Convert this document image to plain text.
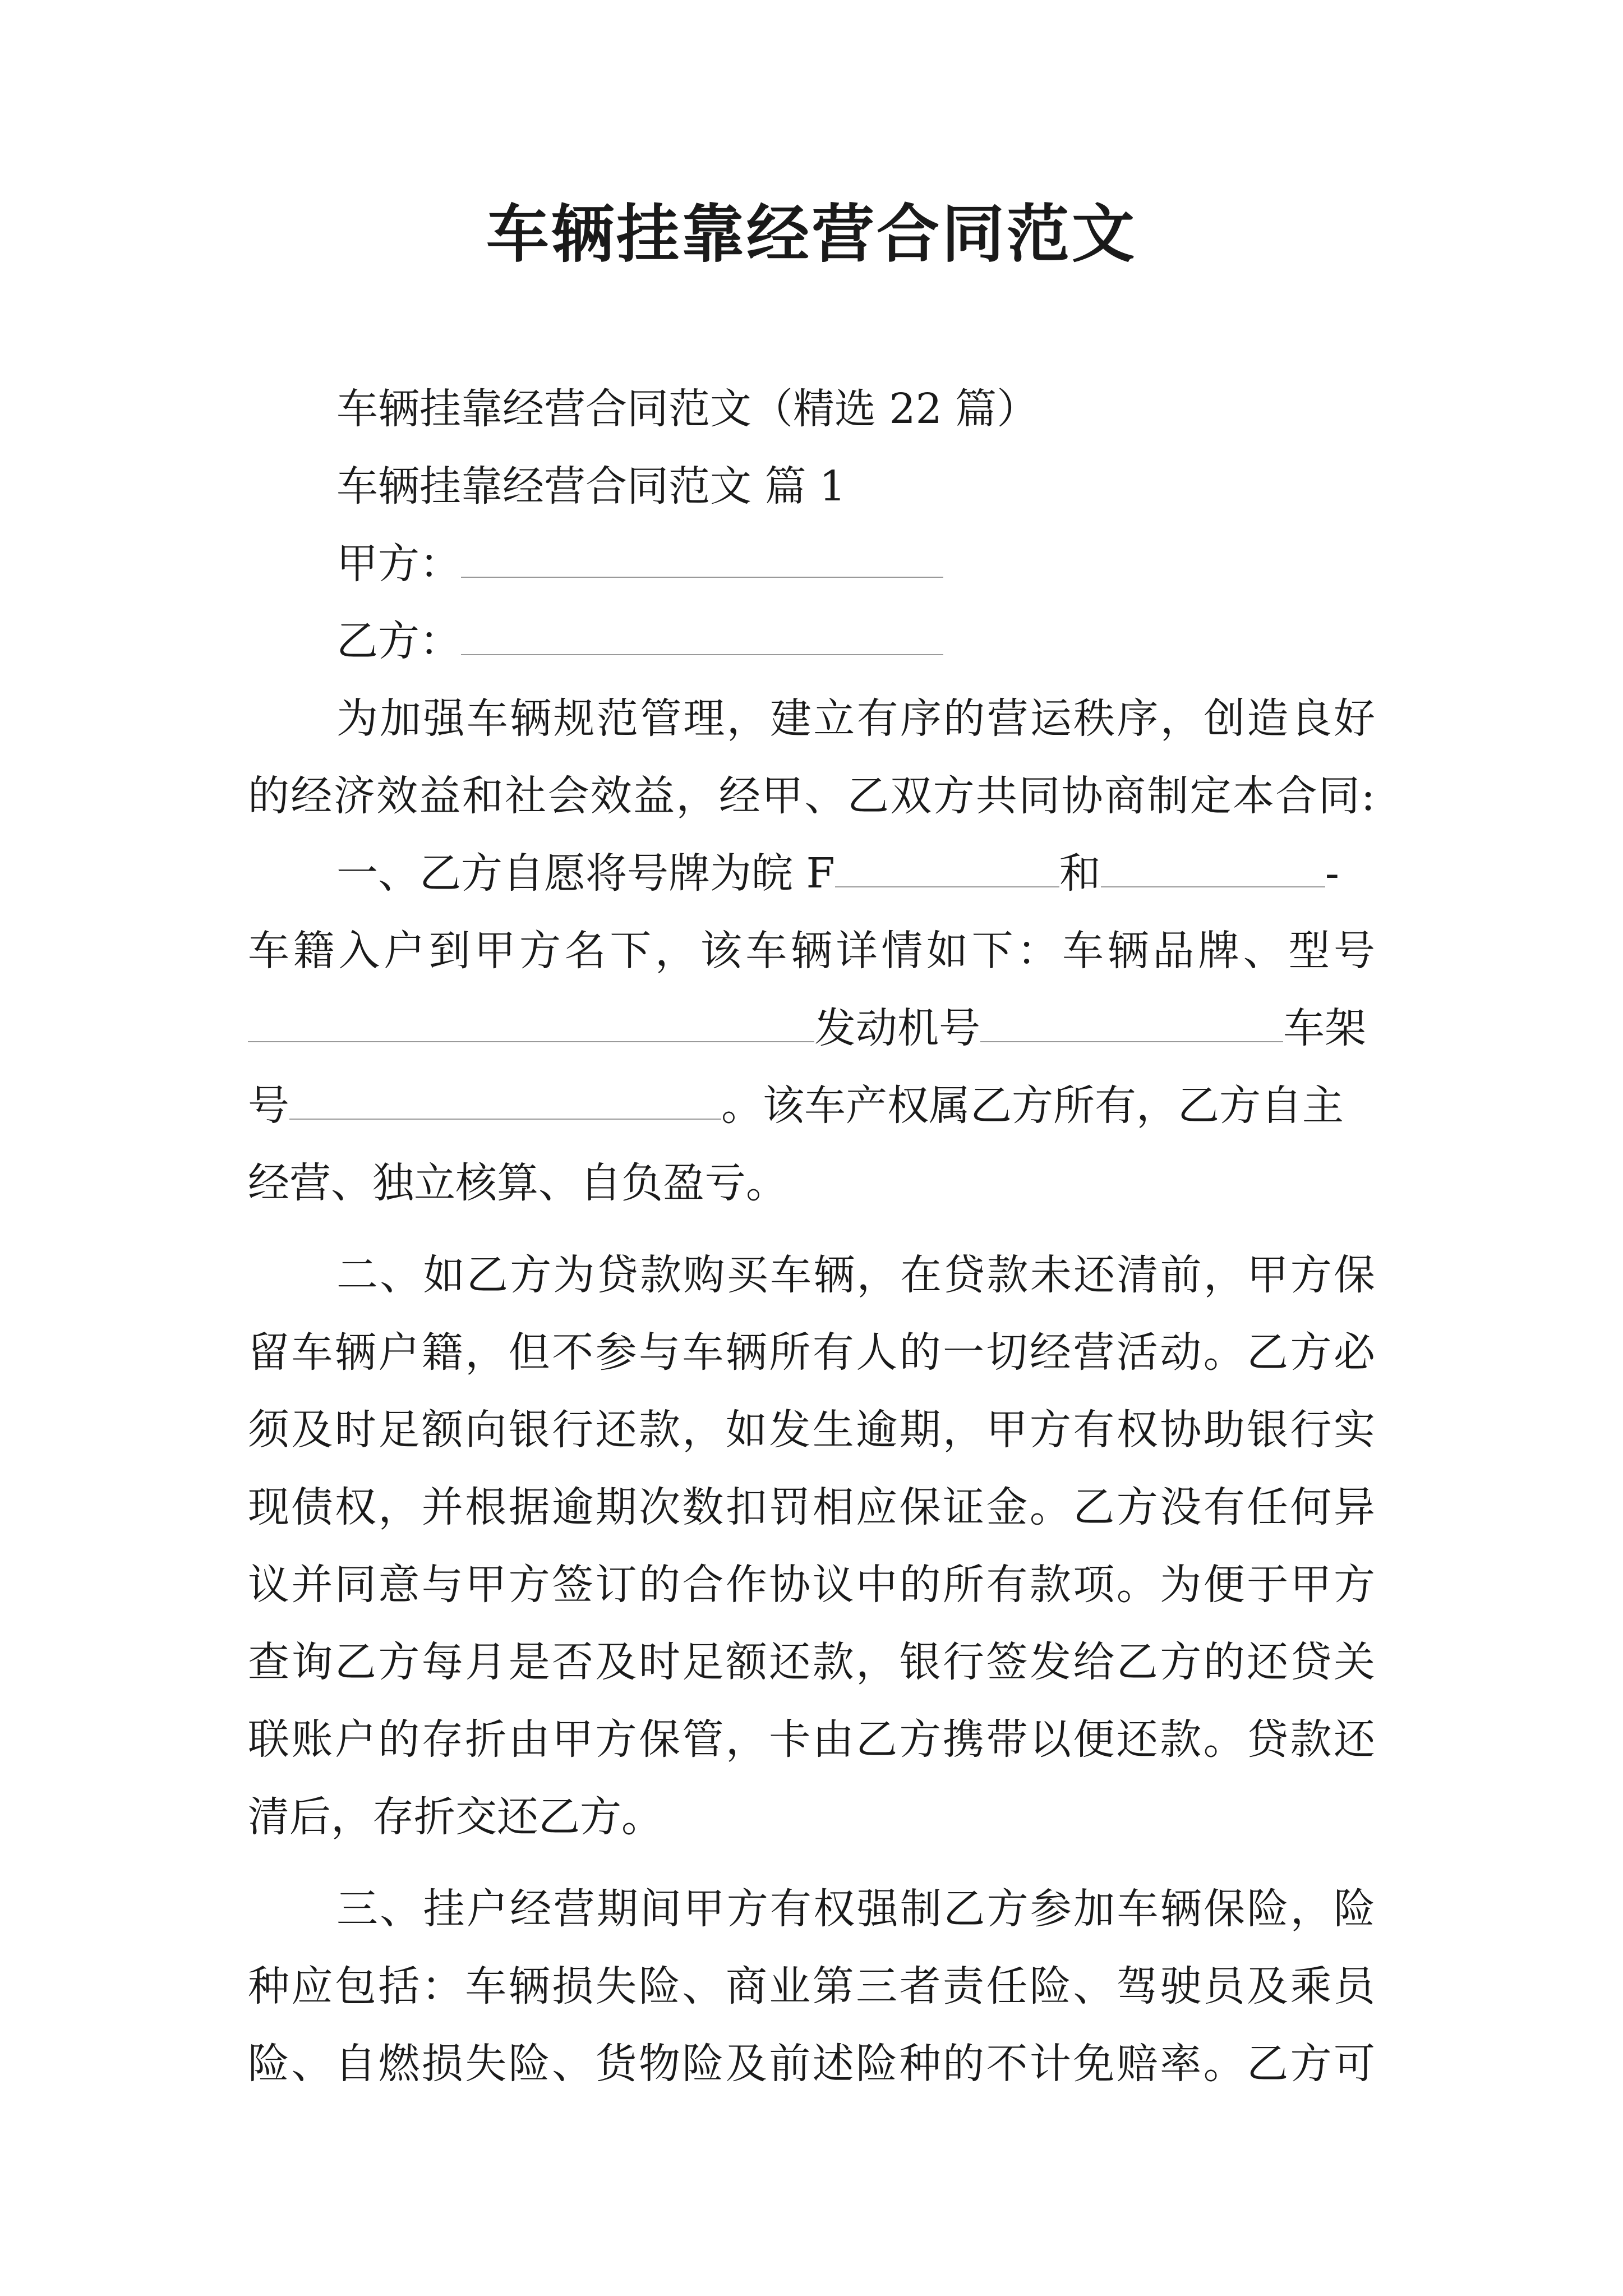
车辆挂靠经营合同范文
车辆挂靠经营合同范文（精选 22 篇）
车辆挂靠经营合同范文 篇 1
甲方：
乙方：
为加强车辆规范管理，建立有序的营运秩序，创造良好
的经济效益和社会效益，经甲、乙双方共同协商制定本合同:
一、乙方自愿将号牌为皖 F	和	-
车籍入户到甲方名下，该车辆详情如下：车辆品牌、型号
发动机号	车架
号	。该车产权属乙方所有，乙方自主
经营、独立核算、自负盈亏。
二、如乙方为贷款购买车辆，在贷款未还清前，甲方保
留车辆户籍，但不参与车辆所有人的一切经营活动。乙方必
须及时足额向银行还款，如发生逾期，甲方有权协助银行实
现债权，并根据逾期次数扣罚相应保证金。乙方没有任何异
议并同意与甲方签订的合作协议中的所有款项。为便于甲方
查询乙方每月是否及时足额还款，银行签发给乙方的还贷关
联账户的存折由甲方保管，卡由乙方携带以便还款。贷款还
清后，存折交还乙方。
三、挂户经营期间甲方有权强制乙方参加车辆保险，险
种应包括：车辆损失险、商业第三者责任险、驾驶员及乘员
险、自燃损失险、货物险及前述险种的不计免赔率。乙方可
